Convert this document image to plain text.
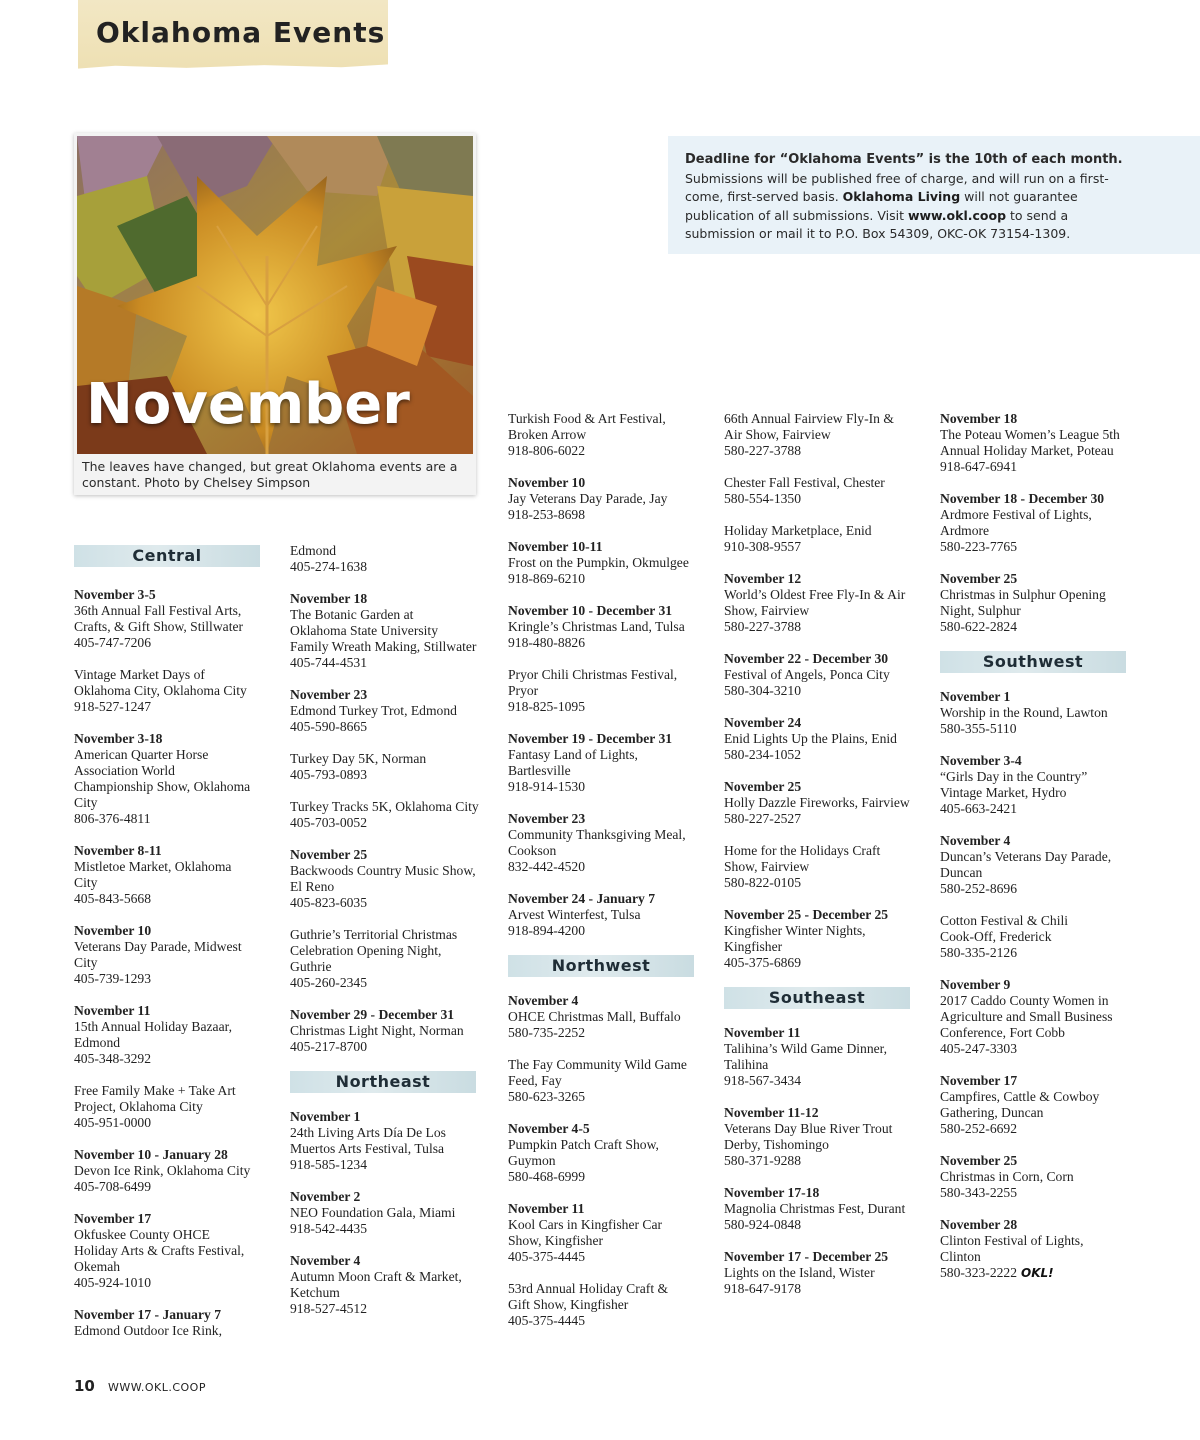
Oklahoma Events
November
The leaves have changed, but great Oklahoma events are a constant. Photo by Chelsey Simpson
Deadline for “Oklahoma Events” is the 10th of each month.
Submissions will be published free of charge, and will run on a first-come, first-served basis. Oklahoma Living will not guarantee publication of all submissions. Visit www.okl.coop to send a submission or mail it to P.O. Box 54309, OKC-OK 73154-1309.
Central

November 3-5

36th Annual Fall Festival Arts,

Crafts, & Gift Show, Stillwater

405-747-7206

Vintage Market Days of

Oklahoma City, Oklahoma City

918-527-1247

November 3-18

American Quarter Horse

Association World

Championship Show, Oklahoma

City

806-376-4811

November 8-11

Mistletoe Market, Oklahoma

City

405-843-5668

November 10

Veterans Day Parade, Midwest

City

405-739-1293

November 11

15th Annual Holiday Bazaar,

Edmond

405-348-3292

Free Family Make + Take Art

Project, Oklahoma City

405-951-0000

November 10 - January 28

Devon Ice Rink, Oklahoma City

405-708-6499

November 17

Okfuskee County OHCE

Holiday Arts & Crafts Festival,

Okemah

405-924-1010

November 17 - January 7

Edmond Outdoor Ice Rink,

Edmond

405-274-1638

November 18

The Botanic Garden at

Oklahoma State University

Family Wreath Making, Stillwater

405-744-4531

November 23

Edmond Turkey Trot, Edmond

405-590-8665

Turkey Day 5K, Norman

405-793-0893

Turkey Tracks 5K, Oklahoma City

405-703-0052

November 25

Backwoods Country Music Show,

El Reno

405-823-6035

Guthrie’s Territorial Christmas

Celebration Opening Night,

Guthrie

405-260-2345

November 29 - December 31

Christmas Light Night, Norman

405-217-8700

Northeast

November 1

24th Living Arts Día De Los

Muertos Arts Festival, Tulsa

918-585-1234

November 2

NEO Foundation Gala, Miami

918-542-4435

November 4

Autumn Moon Craft & Market,

Ketchum

918-527-4512

Turkish Food & Art Festival,

Broken Arrow

918-806-6022

November 10

Jay Veterans Day Parade, Jay

918-253-8698

November 10-11

Frost on the Pumpkin, Okmulgee

918-869-6210

November 10 - December 31

Kringle’s Christmas Land, Tulsa

918-480-8826

Pryor Chili Christmas Festival,

Pryor

918-825-1095

November 19 - December 31

Fantasy Land of Lights,

Bartlesville

918-914-1530

November 23

Community Thanksgiving Meal,

Cookson

832-442-4520

November 24 - January 7

Arvest Winterfest, Tulsa

918-894-4200

Northwest

November 4

OHCE Christmas Mall, Buffalo

580-735-2252

The Fay Community Wild Game

Feed, Fay

580-623-3265

November 4-5

Pumpkin Patch Craft Show,

Guymon

580-468-6999

November 11

Kool Cars in Kingfisher Car

Show, Kingfisher

405-375-4445

53rd Annual Holiday Craft &

Gift Show, Kingfisher

405-375-4445

66th Annual Fairview Fly-In &

Air Show, Fairview

580-227-3788

Chester Fall Festival, Chester

580-554-1350

Holiday Marketplace, Enid

910-308-9557

November 12

World’s Oldest Free Fly-In & Air

Show, Fairview

580-227-3788

November 22 - December 30

Festival of Angels, Ponca City

580-304-3210

November 24

Enid Lights Up the Plains, Enid

580-234-1052

November 25

Holly Dazzle Fireworks, Fairview

580-227-2527

Home for the Holidays Craft

Show, Fairview

580-822-0105

November 25 - December 25

Kingfisher Winter Nights,

Kingfisher

405-375-6869

Southeast

November 11

Talihina’s Wild Game Dinner,

Talihina

918-567-3434

November 11-12

Veterans Day Blue River Trout

Derby, Tishomingo

580-371-9288

November 17-18

Magnolia Christmas Fest, Durant

580-924-0848

November 17 - December 25

Lights on the Island, Wister

918-647-9178

November 18

The Poteau Women’s League 5th

Annual Holiday Market, Poteau

918-647-6941

November 18 - December 30

Ardmore Festival of Lights,

Ardmore

580-223-7765

November 25

Christmas in Sulphur Opening

Night, Sulphur

580-622-2824

Southwest

November 1

Worship in the Round, Lawton

580-355-5110

November 3-4

“Girls Day in the Country”

Vintage Market, Hydro

405-663-2421

November 4

Duncan’s Veterans Day Parade,

Duncan

580-252-8696

Cotton Festival & Chili

Cook-Off, Frederick

580-335-2126

November 9

2017 Caddo County Women in

Agriculture and Small Business

Conference, Fort Cobb

405-247-3303

November 17

Campfires, Cattle & Cowboy

Gathering, Duncan

580-252-6692

November 25

Christmas in Corn, Corn

580-343-2255

November 28

Clinton Festival of Lights,

Clinton

580-323-2222 OKL!

10 WWW.OKL.COOP
